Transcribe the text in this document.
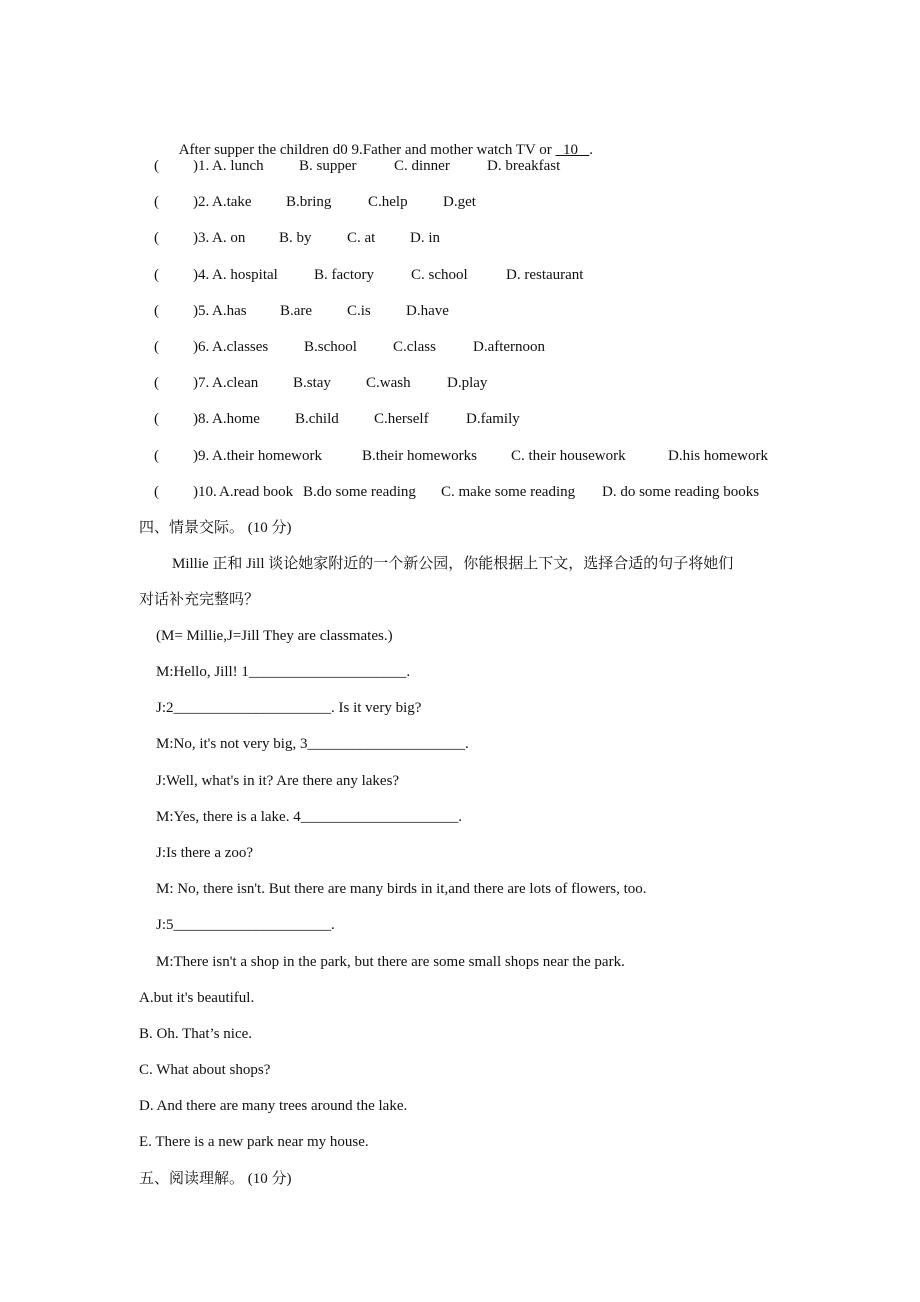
After supper the children d0 9.Father and mother watch TV or   10   .

( ) 1. A. lunch B. supper	C. dinner D. breakfast
( ) 2. A.take B.bring C.help D.get
( ) 3. A. on B. by C. at D. in
( ) 4. A. hospital B. factory C. school	D. restaurant
( ) 5. A.has B.are C.is D.have
( ) 6. A.classes B.school C.class D.afternoon
( ) 7. A.clean B.stay C.wash D.play
( ) 8. A.home B.child C.herself D.family
( ) 9. A.their homework	B.their homeworks C. their housework	D.his homework
( ) 10. A.read book B.do some reading C. make some reading D. do some reading books
四、情景交际。 (10 分)
Millie 正和 Jill 谈论她家附近的一个新公园，你能根据上下文，选择合适的句子将她们
对话补充完整吗？
(M= Millie,J=Jill They are classmates.)
M:Hello, Jill! 1_____________________.
J:2_____________________. Is it very big?
M:No, it's not very big, 3_____________________.
J:Well, what's in it? Are there any lakes?
M:Yes, there is a lake. 4_____________________.
J:Is there a zoo?
M: No, there isn't. But there are many birds in it,and there are lots of flowers, too.
J:5_____________________.
M:There isn't a shop in the park, but there are some small shops near the park.
A.but it's beautiful.
B. Oh. That’s nice.
C. What about shops?
D. And there are many trees around the lake.
E. There is a new park near my house.
五、阅读理解。 (10 分)
